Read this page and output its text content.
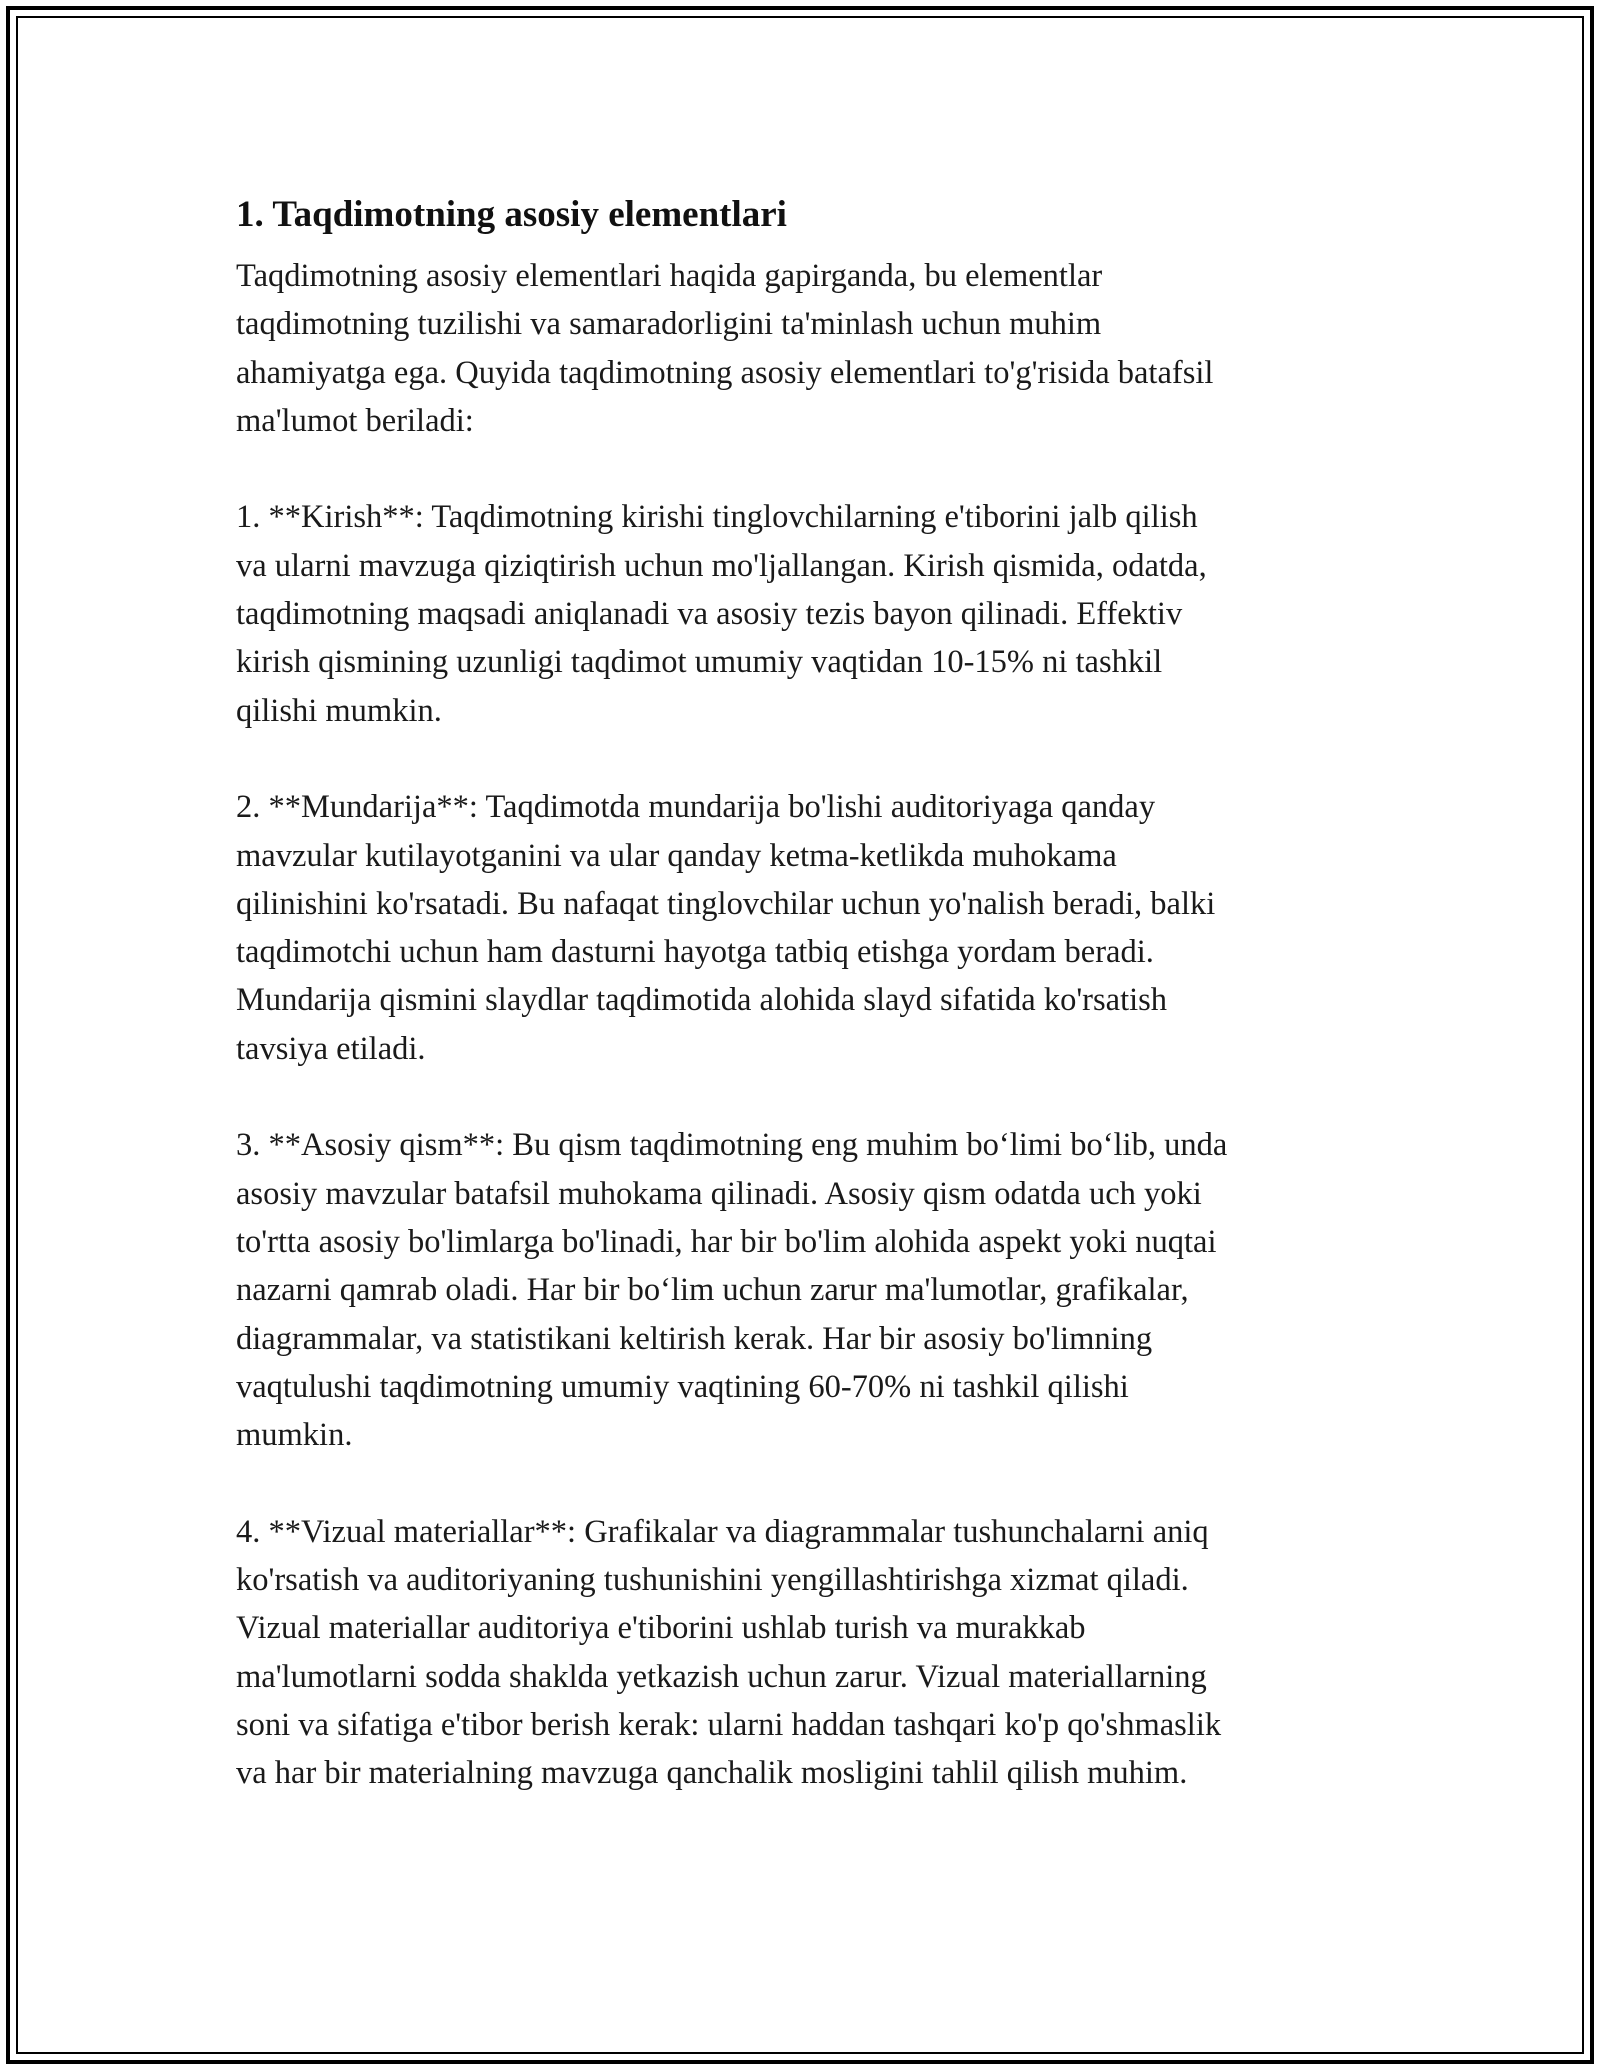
1. Taqdimotning asosiy elementlari

Taqdimotning asosiy elementlari haqida gapirganda, bu elementlar
taqdimotning tuzilishi va samaradorligini ta'minlash uchun muhim
ahamiyatga ega. Quyida taqdimotning asosiy elementlari to'g'risida batafsil
ma'lumot beriladi:

1. **Kirish**: Taqdimotning kirishi tinglovchilarning e'tiborini jalb qilish
va ularni mavzuga qiziqtirish uchun mo'ljallangan. Kirish qismida, odatda,
taqdimotning maqsadi aniqlanadi va asosiy tezis bayon qilinadi. Effektiv
kirish qismining uzunligi taqdimot umumiy vaqtidan 10-15% ni tashkil
qilishi mumkin.

2. **Mundarija**: Taqdimotda mundarija bo'lishi auditoriyaga qanday
mavzular kutilayotganini va ular qanday ketma-ketlikda muhokama
qilinishini ko'rsatadi. Bu nafaqat tinglovchilar uchun yo'nalish beradi, balki
taqdimotchi uchun ham dasturni hayotga tatbiq etishga yordam beradi.
Mundarija qismini slaydlar taqdimotida alohida slayd sifatida ko'rsatish
tavsiya etiladi.

3. **Asosiy qism**: Bu qism taqdimotning eng muhim bo‘limi bo‘lib, unda
asosiy mavzular batafsil muhokama qilinadi. Asosiy qism odatda uch yoki
to'rtta asosiy bo'limlarga bo'linadi, har bir bo'lim alohida aspekt yoki nuqtai
nazarni qamrab oladi. Har bir bo‘lim uchun zarur ma'lumotlar, grafikalar,
diagrammalar, va statistikani keltirish kerak. Har bir asosiy bo'limning
vaqtulushi taqdimotning umumiy vaqtining 60-70% ni tashkil qilishi
mumkin.

4. **Vizual materiallar**: Grafikalar va diagrammalar tushunchalarni aniq
ko'rsatish va auditoriyaning tushunishini yengillashtirishga xizmat qiladi.
Vizual materiallar auditoriya e'tiborini ushlab turish va murakkab
ma'lumotlarni sodda shaklda yetkazish uchun zarur. Vizual materiallarning
soni va sifatiga e'tibor berish kerak: ularni haddan tashqari ko'p qo'shmaslik
va har bir materialning mavzuga qanchalik mosligini tahlil qilish muhim.
